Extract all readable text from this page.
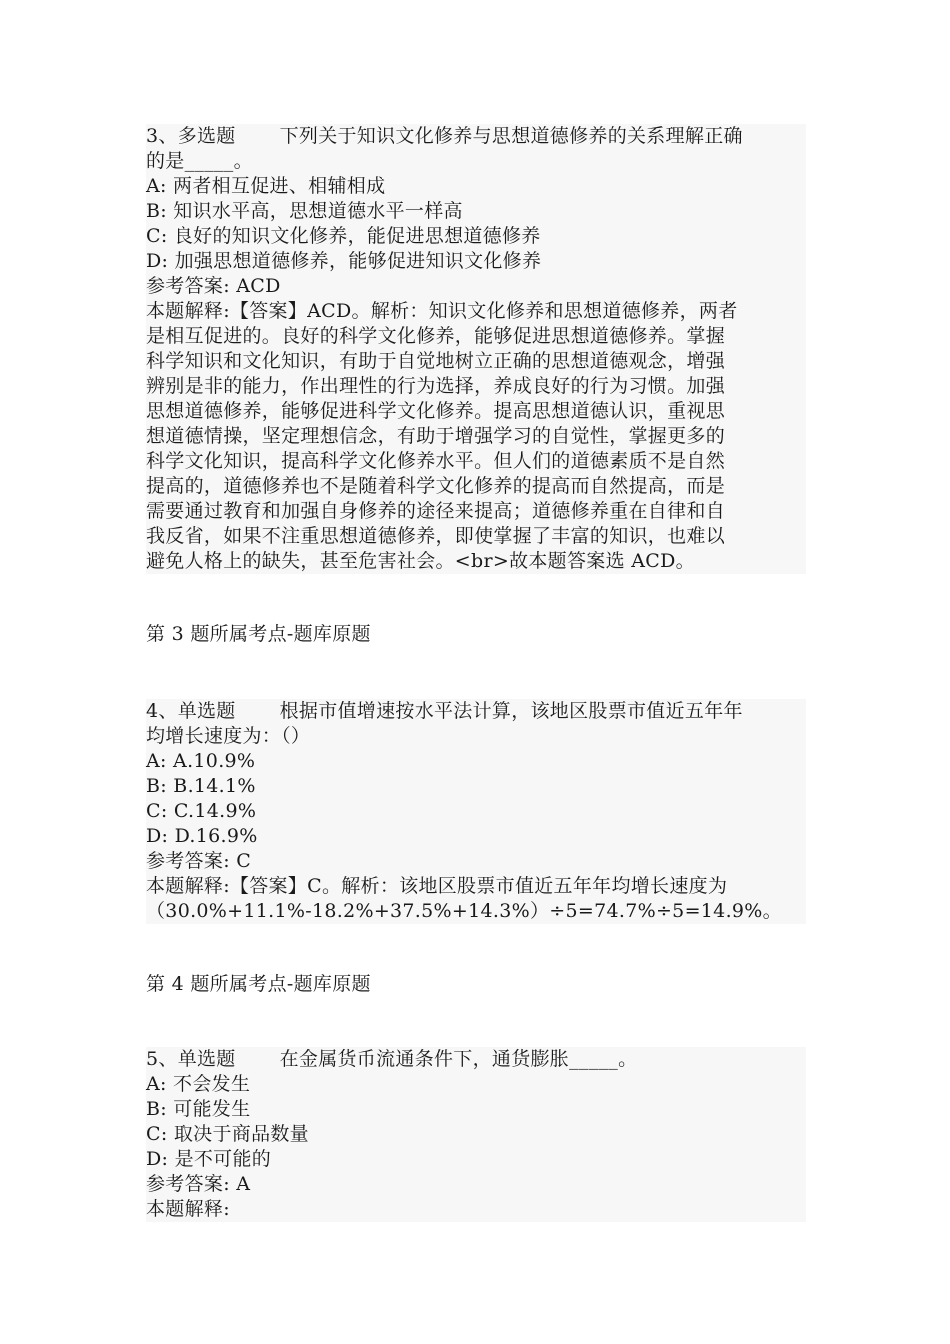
3、多选题 下列关于知识文化修养与思想道德修养的关系理解正确
的是_____。
A: 两者相互促进、相辅相成
B: 知识水平高，思想道德水平一样高
C: 良好的知识文化修养，能促进思想道德修养
D: 加强思想道德修养，能够促进知识文化修养
参考答案: ACD
本题解释:【答案】ACD。解析：知识文化修养和思想道德修养，两者
是相互促进的。良好的科学文化修养，能够促进思想道德修养。掌握
科学知识和文化知识，有助于自觉地树立正确的思想道德观念，增强
辨别是非的能力，作出理性的行为选择，养成良好的行为习惯。加强
思想道德修养，能够促进科学文化修养。提高思想道德认识，重视思
想道德情操，坚定理想信念，有助于增强学习的自觉性，掌握更多的
科学文化知识，提高科学文化修养水平。但人们的道德素质不是自然
提高的，道德修养也不是随着科学文化修养的提高而自然提高，而是
需要通过教育和加强自身修养的途径来提高；道德修养重在自律和自
我反省，如果不注重思想道德修养，即使掌握了丰富的知识，也难以
避免人格上的缺失，甚至危害社会。<br>故本题答案选 ACD。
第 3 题所属考点-题库原题
4、单选题 根据市值增速按水平法计算，该地区股票市值近五年年
均增长速度为：（）
A: A.10.9%
B: B.14.1%
C: C.14.9%
D: D.16.9%
参考答案: C
本题解释:【答案】C。解析：该地区股票市值近五年年均增长速度为
（30.0%+11.1%-18.2%+37.5%+14.3%）÷5=74.7%÷5=14.9%。
第 4 题所属考点-题库原题
5、单选题 在金属货币流通条件下，通货膨胀_____。
A: 不会发生
B: 可能发生
C: 取决于商品数量
D: 是不可能的
参考答案: A
本题解释:
